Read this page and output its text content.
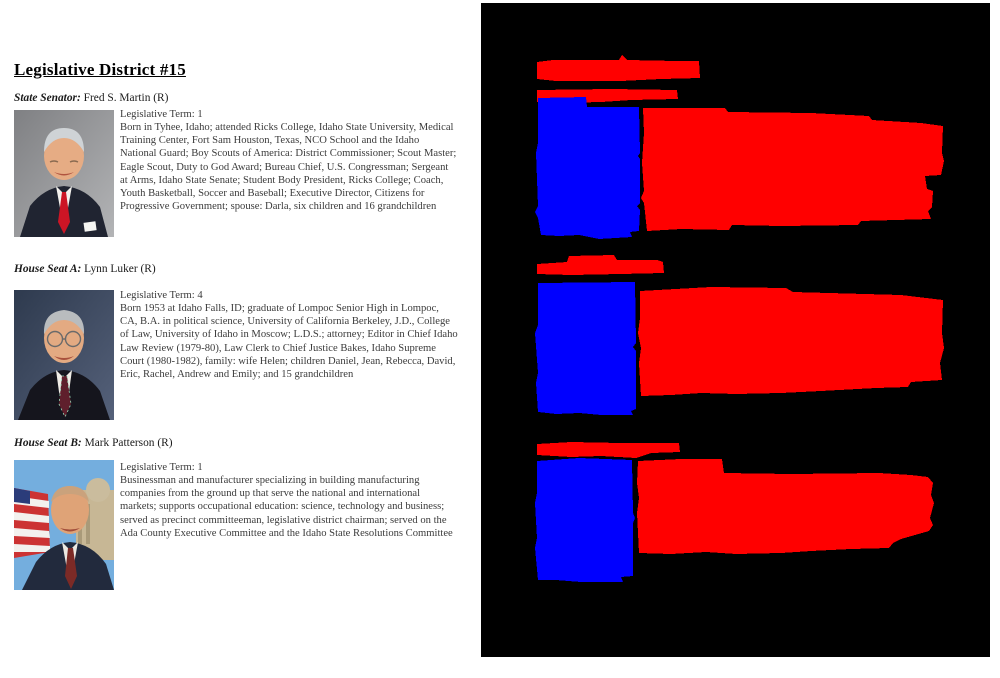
Legislative District #15
State Senator: Fred S. Martin (R)
Legislative Term: 1
Born in Tyhee, Idaho; attended Ricks College, Idaho State University, Medical Training Center, Fort Sam Houston, Texas, NCO School and the Idaho National Guard; Boy Scouts of America: District Commissioner; Scout Master; Eagle Scout, Duty to God Award; Bureau Chief, U.S. Congressman; Sergeant at Arms, Idaho State Senate; Student Body President, Ricks College; Coach, Youth Basketball, Soccer and Baseball; Executive Director, Citizens for Progressive Government; spouse: Darla, six children and 16 grandchildren
House Seat A: Lynn Luker (R)
Legislative Term: 4
Born 1953 at Idaho Falls, ID; graduate of Lompoc Senior High in Lompoc, CA, B.A. in political science, University of California Berkeley, J.D., College of Law, University of Idaho in Moscow; L.D.S.; attorney; Editor in Chief Idaho Law Review (1979-80), Law Clerk to Chief Justice Bakes, Idaho Supreme Court (1980-1982), family: wife Helen; children Daniel, Jean, Rebecca, David, Eric, Rachel, Andrew and Emily; and 15 grandchildren
House Seat B: Mark Patterson (R)
Legislative Term: 1
Businessman and manufacturer specializing in building manufacturing companies from the ground up that serve the national and international markets; supports occupational education: science, technology and business; served as precinct committeeman, legislative district chairman; served on the Ada County Executive Committee and the Idaho State Resolutions Committee
